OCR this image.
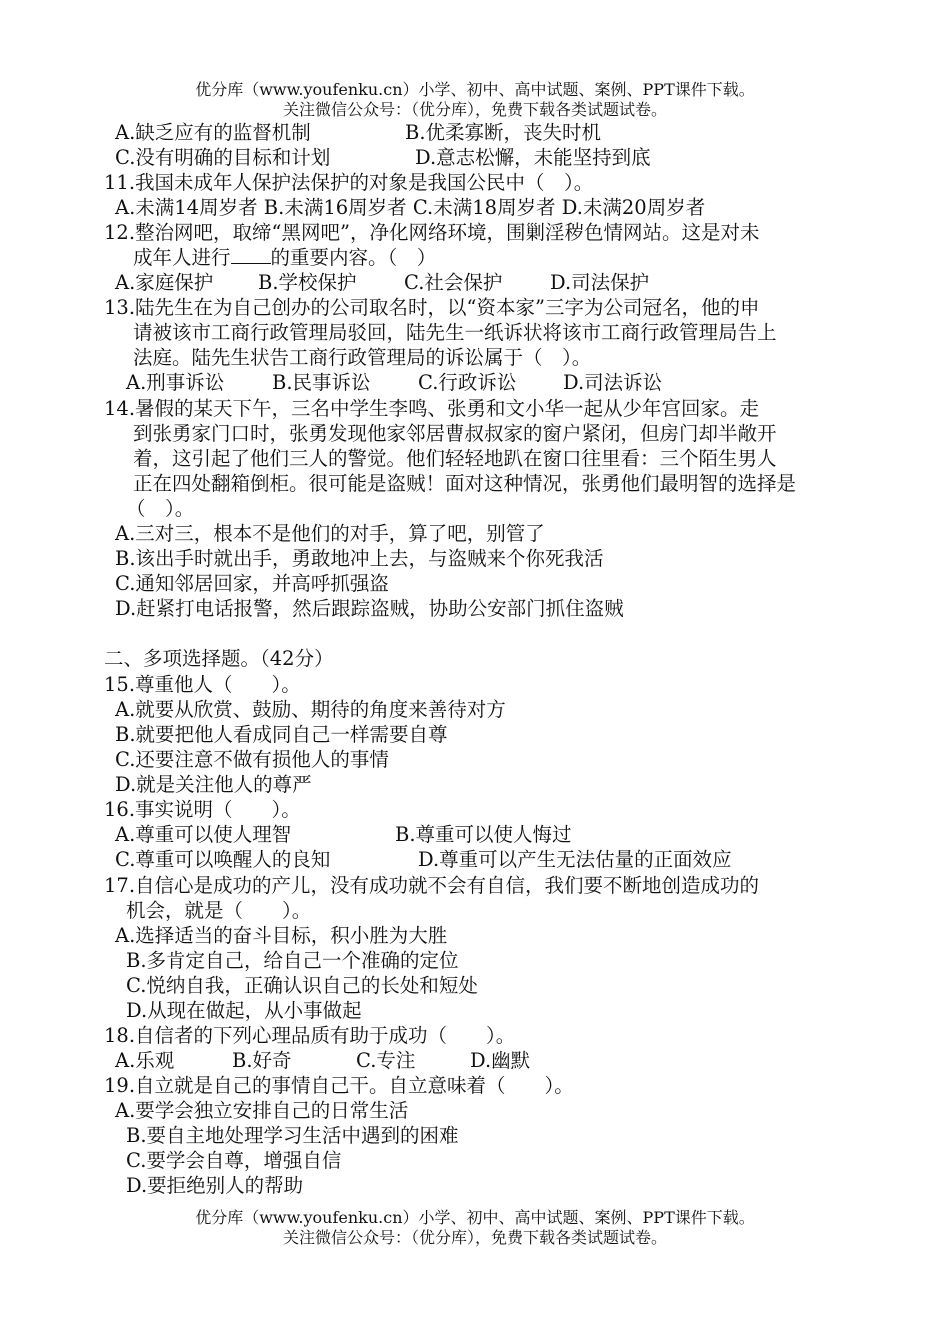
优分库（www.youfenku.cn）小学、初中、高中试题、案例、PPT课件下载。
关注微信公众号：（优分库），免费下载各类试题试卷。
A.缺乏应有的监督机制	B.优柔寡断，丧失时机
C.没有明确的目标和计划	D.意志松懈，未能坚持到底
11.我国未成年人保护法保护的对象是我国公民中（　）。
A.未满14周岁者 B.未满16周岁者 C.未满18周岁者 D.未满20周岁者
12.整治网吧，取缔“黑网吧”，净化网络环境，围剿淫秽色情网站。这是对未
成年人进行 的重要内容。（　）
A.家庭保护 B.学校保护 C.社会保护 D.司法保护
13.陆先生在为自己创办的公司取名时，以“资本家”三字为公司冠名，他的申
请被该市工商行政管理局驳回，陆先生一纸诉状将该市工商行政管理局告上
法庭。陆先生状告工商行政管理局的诉讼属于（　）。
A.刑事诉讼 B.民事诉讼 C.行政诉讼 D.司法诉讼
14.暑假的某天下午，三名中学生李鸣、张勇和文小华一起从少年宫回家。走
到张勇家门口时，张勇发现他家邻居曹叔叔家的窗户紧闭，但房门却半敞开
着，这引起了他们三人的警觉。他们轻轻地趴在窗口往里看：三个陌生男人
正在四处翻箱倒柜。很可能是盗贼！面对这种情况，张勇他们最明智的选择是
（　）。
A.三对三，根本不是他们的对手，算了吧，别管了
B.该出手时就出手，勇敢地冲上去，与盗贼来个你死我活
C.通知邻居回家，并高呼抓强盗
D.赶紧打电话报警，然后跟踪盗贼，协助公安部门抓住盗贼
二、多项选择题。（42分）
15.尊重他人（　　）。
A.就要从欣赏、鼓励、期待的角度来善待对方
B.就要把他人看成同自己一样需要自尊
C.还要注意不做有损他人的事情
D.就是关注他人的尊严
16.事实说明（　　）。
A.尊重可以使人理智	B.尊重可以使人悔过
C.尊重可以唤醒人的良知	D.尊重可以产生无法估量的正面效应
17.自信心是成功的产儿，没有成功就不会有自信，我们要不断地创造成功的
机会，就是（　　）。
A.选择适当的奋斗目标，积小胜为大胜
B.多肯定自己，给自己一个准确的定位
C.悦纳自我，正确认识自己的长处和短处
D.从现在做起，从小事做起
18.自信者的下列心理品质有助于成功（　　）。
A.乐观	B.好奇	C.专注	D.幽默
19.自立就是自己的事情自己干。自立意味着（　　）。
A.要学会独立安排自己的日常生活
B.要自主地处理学习生活中遇到的困难
C.要学会自尊，增强自信
D.要拒绝别人的帮助
优分库（www.youfenku.cn）小学、初中、高中试题、案例、PPT课件下载。
关注微信公众号：（优分库），免费下载各类试题试卷。
